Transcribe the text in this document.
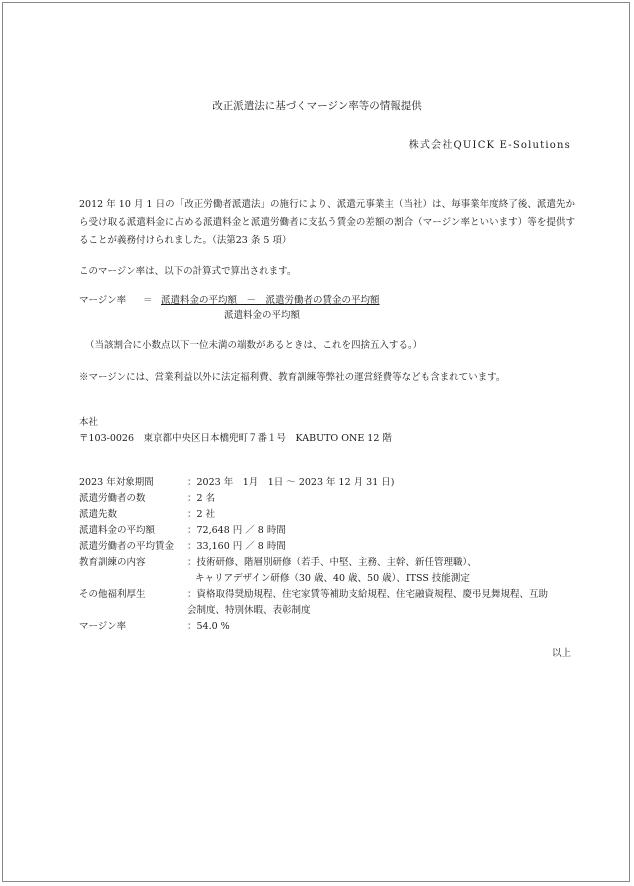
改正派遣法に基づくマージン率等の情報提供
株式会社QUICK E-Solutions
2012 年 10 月 1 日の「改正労働者派遣法」の施行により、派遣元事業主（当社）は、毎事業年度終了後、派遣先から受け取る派遣料金に占める派遣料金と派遣労働者に支払う賃金の差額の割合（マージン率といいます）等を提供することが義務付けられました。（法第23 条 5 項）
このマージン率は、以下の計算式で算出されます。
マージン率 ＝ 派遣料金の平均額　－　派遣労働者の賃金の平均額
派遣料金の平均額
（当該割合に小数点以下一位未満の端数があるときは、これを四捨五入する。）
※マージンには、営業利益以外に法定福利費、教育訓練等弊社の運営経費等なども含まれています。
本社
〒103-0026　東京都中央区日本橋兜町７番１号　KABUTO ONE 12 階
2023 年対象期間	：2023 年　1月　1日 ～ 2023 年 12 月 31 日)
派遣労働者の数	：2 名
派遣先数	：2 社
派遣料金の平均額	：72,648 円 ／ 8 時間
派遣労働者の平均賃金 ：33,160 円 ／ 8 時間
教育訓練の内容	：技術研修、階層別研修（若手、中堅、主務、主幹、新任管理職）、
キャリアデザイン研修（30 歳、40 歳、50 歳）、ITSS 技能測定
その他福利厚生	：資格取得奨励規程、住宅家賃等補助支給規程、住宅融資規程、慶弔見舞規程、互助
会制度、特別休暇、表彰制度
マージン率	：54.0 %
以上
